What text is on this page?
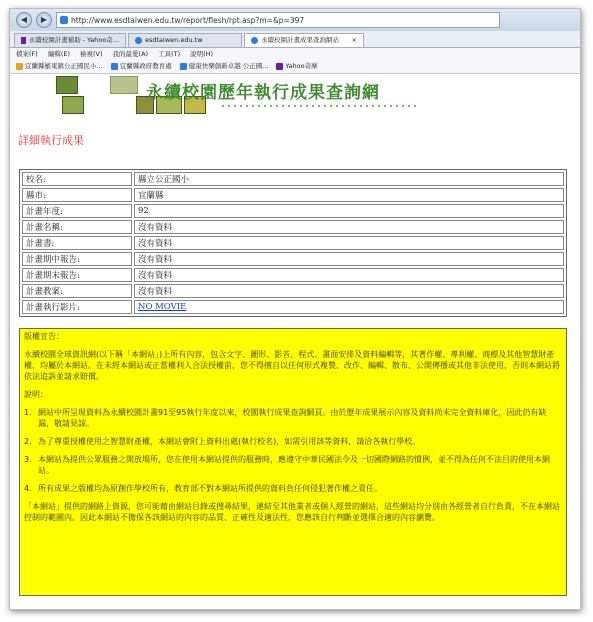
◀	▶	http://www.esdtaiwen.edu.tw/report/flesh/rpt.asp?m=&p=397
永續校園計畫補助 - Yahoo奇...	esdtaiwen.edu.tw	永續校園計畫成果查詢網站 ×
檔案(F) 編輯(E) 檢視(V) 我的最愛(A) 工具(T) 說明(H)
宜蘭縣羅東鎮公正國民小...	宜蘭縣政府教育處	健康快樂創新卓越 公正國...	Yahoo奇摩
永續校園歷年執行成果查詢網
詳細執行成果
校名:	縣立公正國小
縣市:	宜蘭縣
計畫年度:	92
計畫名稱:	沒有資料
計畫書:	沒有資料
計畫期中報告:	沒有資料
計畫期末報告:	沒有資料
計畫教案:	沒有資料
計畫執行影片:	NO MOVIE

版權宣告：

永續校園全球資訊網(以下稱「本網站」)上所有內容，包含文字、圖形、影音、程式、畫面安排及資料編輯等，其著作權、專利權、商標及其他智慧財產權，均屬於本網站。在未經本網站或正當權利人合法授權前，您不得擅自以任何形式複製、改作、編輯、散布、公開傳播或其他非法使用，否則本網站將依法追訴並請求賠償。

說明：

1. 網站中所呈現資料為永續校園計畫91至95執行年度以來，校園執行成果查詢網頁。由於歷年成果展示內容及資料尚未完全資料庫化，因此仍有缺漏，敬請見諒。
2. 為了尊重授權使用之智慧財產權，本網站會附上資料出處(執行校名)，如需引用該等資料，請洽各執行學校。
3. 本網站為提供公眾服務之開放場所，您在使用本網站提供的服務時，應遵守中華民國法令及一切國際網路的慣例，並不得為任何不法目的使用本網站。
4. 所有成果之版權均為原創作學校所有，教育部不對本網站所提供的資料負任何侵犯著作權之責任。

「本網站」提供的網路上資源，您可能藉由網站目錄或搜尋結果，連結至其他業者或個人經營的網站，這些網站均分別由各經營者自行負責，不在本網站控制的範圍內。因此本網站不擔保各該網站的內容的品質、正確性及適法性，您應該自行判斷並選擇合適的內容瀏覽。
